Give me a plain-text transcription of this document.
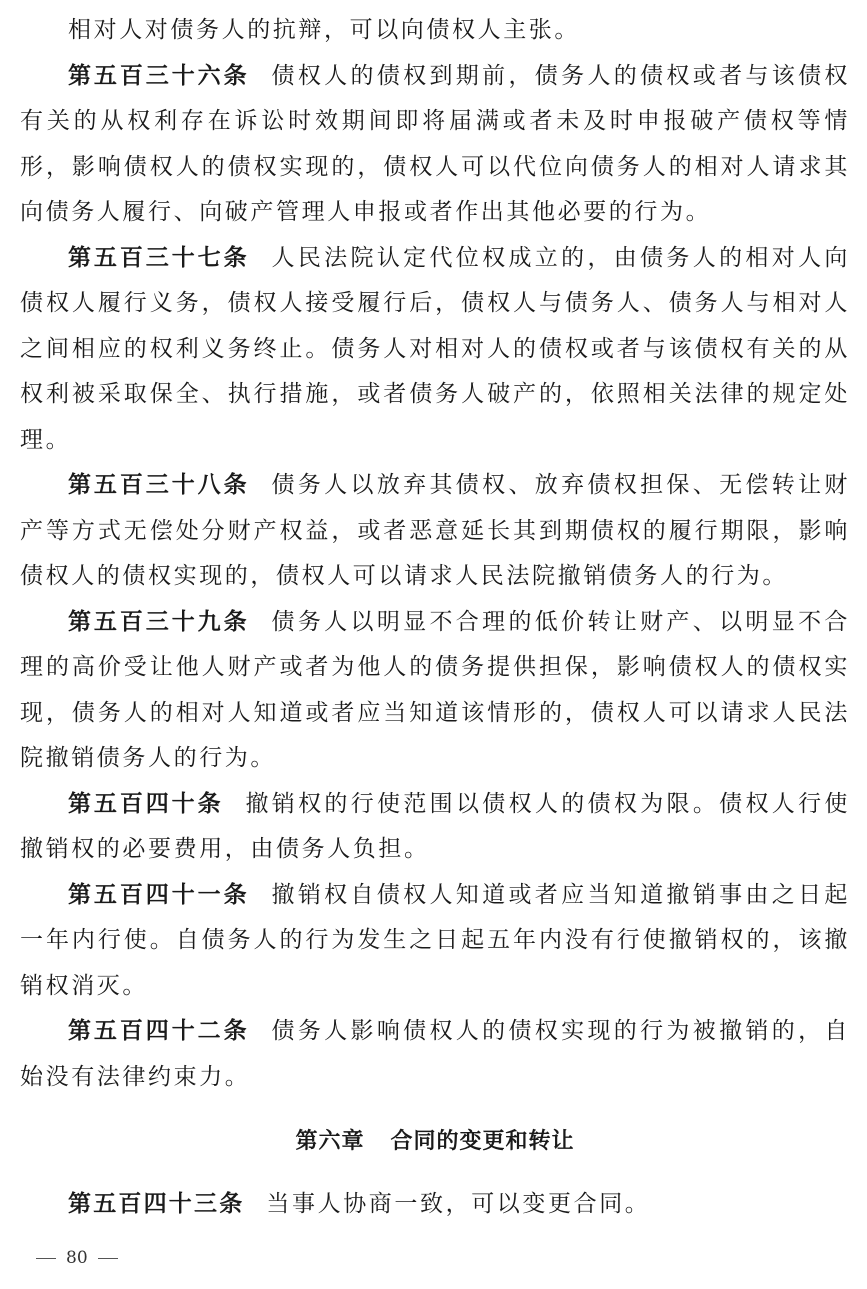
相对人对债务人的抗辩，可以向债权人主张。

第五百三十六条 债权人的债权到期前，债务人的债权或者与该债权有关的从权利存在诉讼时效期间即将届满或者未及时申报破产债权等情形，影响债权人的债权实现的，债权人可以代位向债务人的相对人请求其向债务人履行、向破产管理人申报或者作出其他必要的行为。

第五百三十七条 人民法院认定代位权成立的，由债务人的相对人向债权人履行义务，债权人接受履行后，债权人与债务人、债务人与相对人之间相应的权利义务终止。债务人对相对人的债权或者与该债权有关的从权利被采取保全、执行措施，或者债务人破产的，依照相关法律的规定处理。

第五百三十八条 债务人以放弃其债权、放弃债权担保、无偿转让财产等方式无偿处分财产权益，或者恶意延长其到期债权的履行期限，影响债权人的债权实现的，债权人可以请求人民法院撤销债务人的行为。

第五百三十九条 债务人以明显不合理的低价转让财产、以明显不合理的高价受让他人财产或者为他人的债务提供担保，影响债权人的债权实现，债务人的相对人知道或者应当知道该情形的，债权人可以请求人民法院撤销债务人的行为。

第五百四十条 撤销权的行使范围以债权人的债权为限。债权人行使撤销权的必要费用，由债务人负担。

第五百四十一条 撤销权自债权人知道或者应当知道撤销事由之日起一年内行使。自债务人的行为发生之日起五年内没有行使撤销权的，该撤销权消灭。

第五百四十二条 债务人影响债权人的债权实现的行为被撤销的，自始没有法律约束力。

第六章 合同的变更和转让

第五百四十三条 当事人协商一致，可以变更合同。

80
